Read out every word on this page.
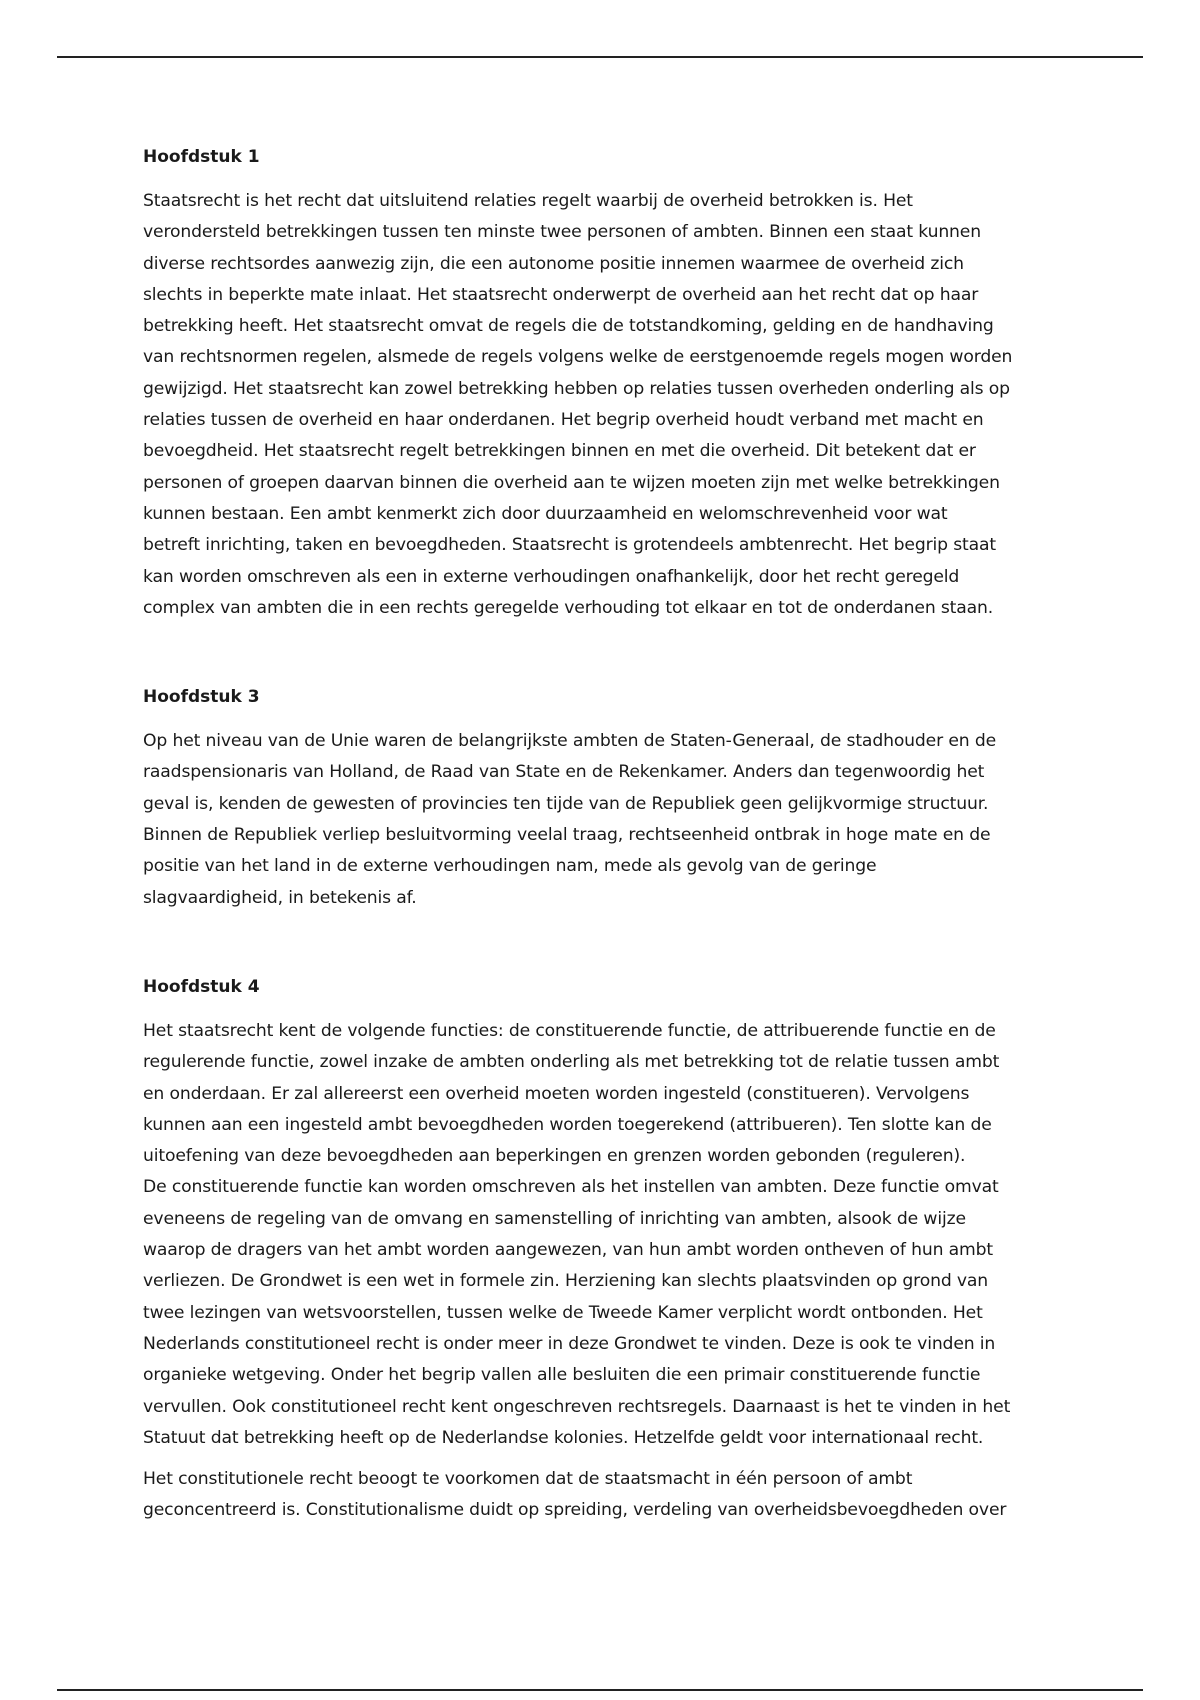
Hoofdstuk 1
Staatsrecht is het recht dat uitsluitend relaties regelt waarbij de overheid betrokken is. Het
verondersteld betrekkingen tussen ten minste twee personen of ambten. Binnen een staat kunnen
diverse rechtsordes aanwezig zijn, die een autonome positie innemen waarmee de overheid zich
slechts in beperkte mate inlaat. Het staatsrecht onderwerpt de overheid aan het recht dat op haar
betrekking heeft. Het staatsrecht omvat de regels die de totstandkoming, gelding en de handhaving
van rechtsnormen regelen, alsmede de regels volgens welke de eerstgenoemde regels mogen worden
gewijzigd. Het staatsrecht kan zowel betrekking hebben op relaties tussen overheden onderling als op
relaties tussen de overheid en haar onderdanen. Het begrip overheid houdt verband met macht en
bevoegdheid. Het staatsrecht regelt betrekkingen binnen en met die overheid. Dit betekent dat er
personen of groepen daarvan binnen die overheid aan te wijzen moeten zijn met welke betrekkingen
kunnen bestaan. Een ambt kenmerkt zich door duurzaamheid en welomschrevenheid voor wat
betreft inrichting, taken en bevoegdheden. Staatsrecht is grotendeels ambtenrecht. Het begrip staat
kan worden omschreven als een in externe verhoudingen onafhankelijk, door het recht geregeld
complex van ambten die in een rechts geregelde verhouding tot elkaar en tot de onderdanen staan.
Hoofdstuk 3
Op het niveau van de Unie waren de belangrijkste ambten de Staten-Generaal, de stadhouder en de
raadspensionaris van Holland, de Raad van State en de Rekenkamer. Anders dan tegenwoordig het
geval is, kenden de gewesten of provincies ten tijde van de Republiek geen gelijkvormige structuur.
Binnen de Republiek verliep besluitvorming veelal traag, rechtseenheid ontbrak in hoge mate en de
positie van het land in de externe verhoudingen nam, mede als gevolg van de geringe
slagvaardigheid, in betekenis af.
Hoofdstuk 4
Het staatsrecht kent de volgende functies: de constituerende functie, de attribuerende functie en de
regulerende functie, zowel inzake de ambten onderling als met betrekking tot de relatie tussen ambt
en onderdaan. Er zal allereerst een overheid moeten worden ingesteld (constitueren). Vervolgens
kunnen aan een ingesteld ambt bevoegdheden worden toegerekend (attribueren). Ten slotte kan de
uitoefening van deze bevoegdheden aan beperkingen en grenzen worden gebonden (reguleren).
De constituerende functie kan worden omschreven als het instellen van ambten. Deze functie omvat
eveneens de regeling van de omvang en samenstelling of inrichting van ambten, alsook de wijze
waarop de dragers van het ambt worden aangewezen, van hun ambt worden ontheven of hun ambt
verliezen. De Grondwet is een wet in formele zin. Herziening kan slechts plaatsvinden op grond van
twee lezingen van wetsvoorstellen, tussen welke de Tweede Kamer verplicht wordt ontbonden. Het
Nederlands constitutioneel recht is onder meer in deze Grondwet te vinden. Deze is ook te vinden in
organieke wetgeving. Onder het begrip vallen alle besluiten die een primair constituerende functie
vervullen. Ook constitutioneel recht kent ongeschreven rechtsregels. Daarnaast is het te vinden in het
Statuut dat betrekking heeft op de Nederlandse kolonies. Hetzelfde geldt voor internationaal recht.
Het constitutionele recht beoogt te voorkomen dat de staatsmacht in één persoon of ambt
geconcentreerd is. Constitutionalisme duidt op spreiding, verdeling van overheidsbevoegdheden over
